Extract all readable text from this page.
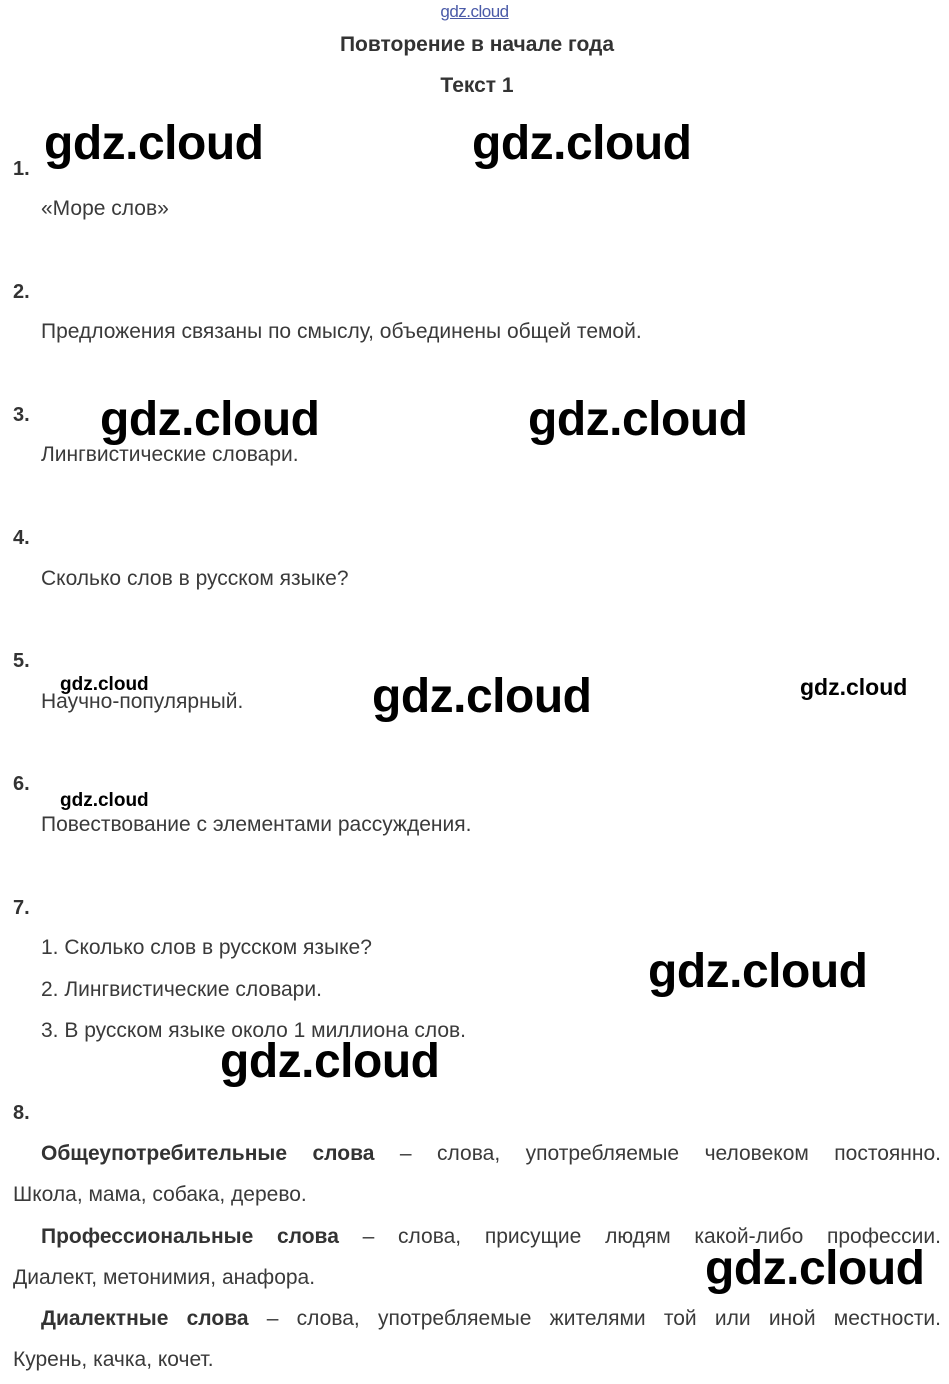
gdz.cloud
Повторение в начале года
Текст 1
gdz.cloud	gdz.cloud
gdz.cloud	gdz.cloud
gdz.cloud	gdz.cloud	gdz.cloud
gdz.cloud
gdz.cloud
gdz.cloud
gdz.cloud
1.
«Море слов»
2.
Предложения связаны по смыслу, объединены общей темой.
3.
Лингвистические словари.
4.
Сколько слов в русском языке?
5.
Научно-популярный.
6.
Повествование с элементами рассуждения.
7.
1. Сколько слов в русском языке?
2. Лингвистические словари.
3. В русском языке около 1 миллиона слов.
8.
Общеупотребительные слова – слова, употребляемые человеком постоянно.
Школа, мама, собака, дерево.
Профессиональные слова – слова, присущие людям какой-либо профессии.
Диалект, метонимия, анафора.
Диалектные слова – слова, употребляемые жителями той или иной местности.
Курень, качка, кочет.
